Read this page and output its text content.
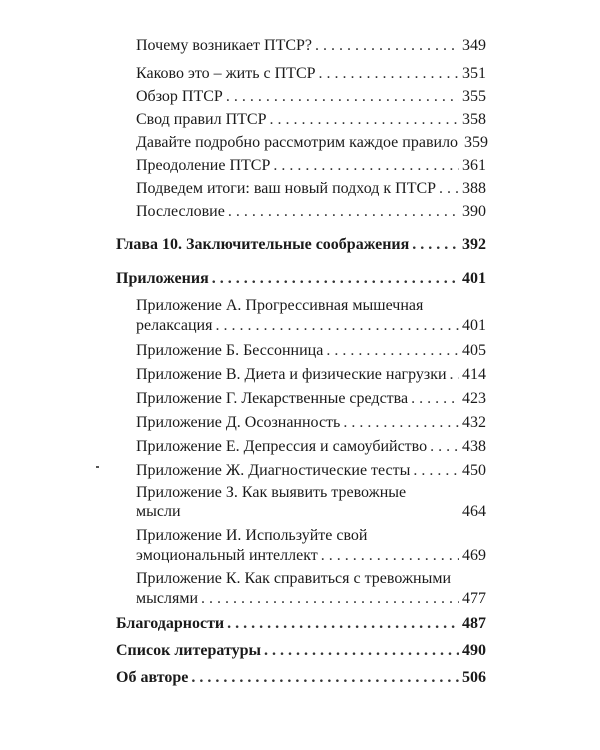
Почему возникает ПТСР? . . .	349
Каково это – жить с ПТСР . . .	351
Обзор ПТСР . . .	355
Свод правил ПТСР . . .	358
Давайте подробно рассмотрим каждое правило 359
Преодоление ПТСР . . .	361
Подведем итоги: ваш новый подход к ПТСР . . . 388
Послесловие . . .	390
Глава 10. Заключительные соображения . . .	392
Приложения . . .	401
Приложение А. Прогрессивная мышечная
релаксация . . .	401
Приложение Б. Бессонница . . .	405
Приложение В. Диета и физические нагрузки . . . 414
Приложение Г. Лекарственные средства . . .	423
Приложение Д. Осознанность . . .	432
Приложение Е. Депрессия и самоубийство . . . 438
Приложение Ж. Диагностические тесты . . .	450
Приложение З. Как выявить тревожные
мысли	464
Приложение И. Используйте свой
эмоциональный интеллект . . .	469
Приложение К. Как справиться с тревожными
мыслями . . .	477
Благодарности . . .	487
Список литературы . . .	490
Об авторе . . .	506
